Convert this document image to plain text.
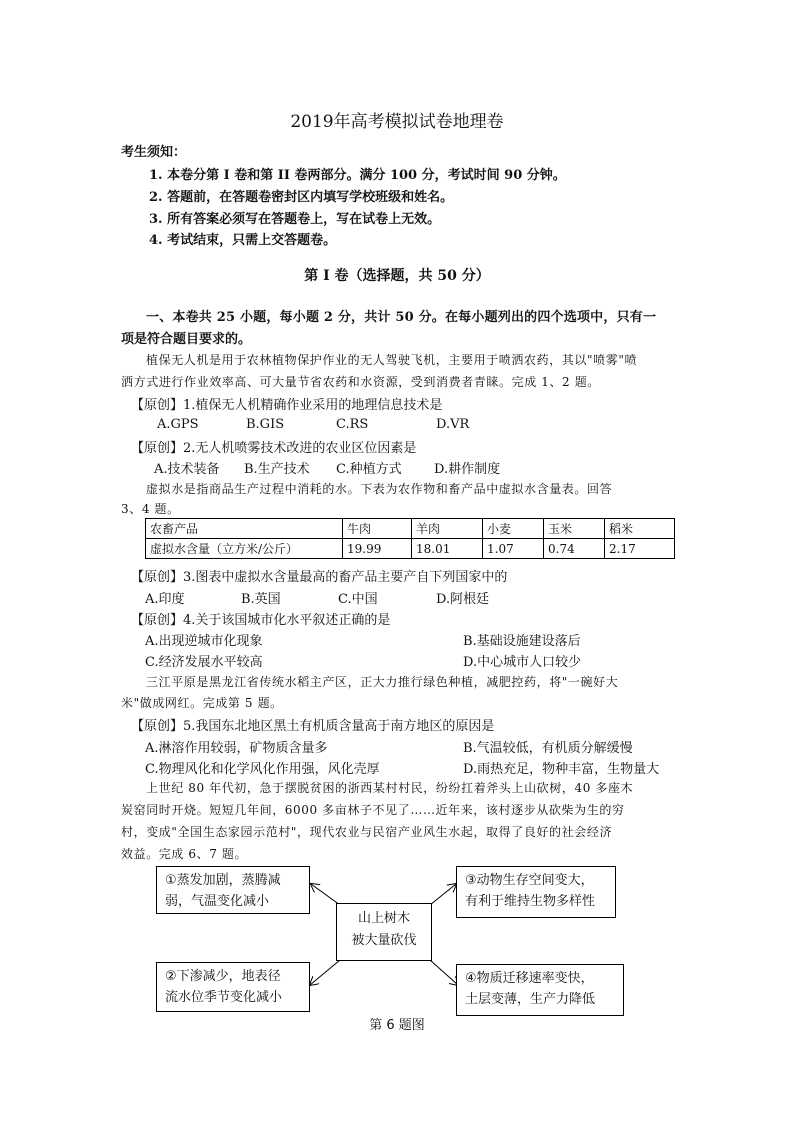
2019年高考模拟试卷地理卷
考生须知：
1. 本卷分第 I 卷和第 II 卷两部分。满分 100 分，考试时间 90 分钟。
2. 答题前，在答题卷密封区内填写学校班级和姓名。
3. 所有答案必须写在答题卷上，写在试卷上无效。
4. 考试结束，只需上交答题卷。
第 I 卷（选择题，共 50 分）
一、本卷共 25 小题，每小题 2 分，共计 50 分。在每小题列出的四个选项中，只有一
项是符合题目要求的。
植保无人机是用于农林植物保护作业的无人驾驶飞机，主要用于喷洒农药，其以"喷雾"喷
洒方式进行作业效率高、可大量节省农药和水资源，受到消费者青睐。完成 1、2 题。
【原创】1.植保无人机精确作业采用的地理信息技术是
A.GPS	B.GIS	C.RS	D.VR
【原创】2.无人机喷雾技术改进的农业区位因素是
A.技术装备 B.生产技术 C.种植方式 D.耕作制度
虚拟水是指商品生产过程中消耗的水。下表为农作物和畜产品中虚拟水含量表。回答
3、4 题。
农畜产品	牛肉	羊肉	小麦	玉米	稻米
虚拟水含量（立方米/公斤）	19.99	18.01	1.07	0.74	2.17
【原创】3.图表中虚拟水含量最高的畜产品主要产自下列国家中的
A.印度	B.英国	C.中国	D.阿根廷
【原创】4.关于该国城市化水平叙述正确的是
A.出现逆城市化现象	B.基础设施建设落后
C.经济发展水平较高	D.中心城市人口较少
三江平原是黑龙江省传统水稻主产区，正大力推行绿色种植，减肥控药，将"一碗好大
米"做成网红。完成第 5 题。
【原创】5.我国东北地区黑土有机质含量高于南方地区的原因是
A.淋溶作用较弱，矿物质含量多	B.气温较低，有机质分解缓慢
C.物理风化和化学风化作用强，风化壳厚	D.雨热充足，物种丰富，生物量大
上世纪 80 年代初，急于摆脱贫困的浙西某村村民，纷纷扛着斧头上山砍树，40 多座木
炭窑同时开烧。短短几年间，6000 多亩林子不见了……近年来，该村逐步从砍柴为生的穷
村，变成"全国生态家园示范村"，现代农业与民宿产业风生水起，取得了良好的社会经济
效益。完成 6、7 题。
①蒸发加剧，蒸腾减
弱，气温变化减小
③动物生存空间变大，
有利于维持生物多样性
山上树木
被大量砍伐
②下渗减少，地表径
流水位季节变化减小
④物质迁移速率变快，
土层变薄，生产力降低
第 6 题图
